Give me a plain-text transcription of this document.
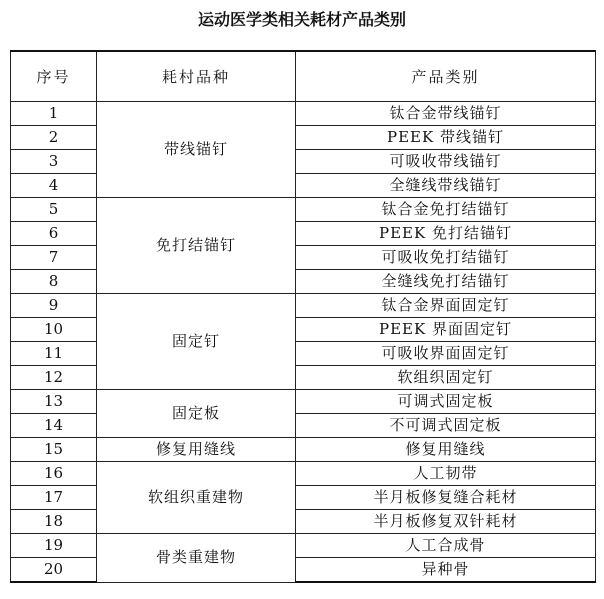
运动医学类相关耗材产品类别
序号	耗村品种	产品类别
1	带线锚钉	钛合金带线锚钉
2		PEEK 带线锚钉
3		可吸收带线锚钉
4		全缝线带线锚钉
5	免打结锚钉	钛合金免打结锚钉
6		PEEK 免打结锚钉
7		可吸收免打结锚钉
8		全缝线免打结锚钉
9	固定钉	钛合金界面固定钉
10		PEEK 界面固定钉
11		可吸收界面固定钉
12		软组织固定钉
13	固定板	可调式固定板
14		不可调式固定板
15	修复用缝线	修复用缝线
16	软组织重建物	人工韧带
17		半月板修复缝合耗材
18		半月板修复双针耗材
19	骨类重建物	人工合成骨
20		异种骨
